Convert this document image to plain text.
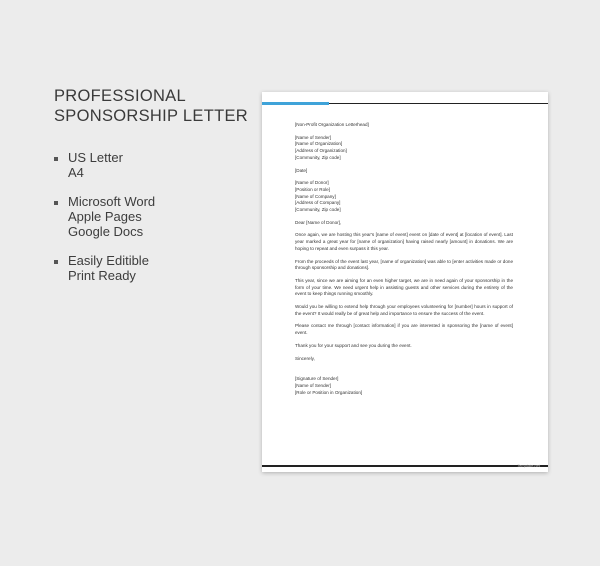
PROFESSIONAL
SPONSORSHIP LETTER
US Letter
A4
Microsoft Word
Apple Pages
Google Docs
Easily Editible
Print Ready
[Non-Profit Organization Letterhead]
[Name of Sender]
[Name of Organization]
[Address of Organization]
[Community, Zip code]
[Date]
[Name of Donor]
[Position or Role]
[Name of Company]
[Address of Company]
[Community, Zip code]
Dear [Name of Donor],
Once again, we are hosting this year's [name of event] event on [date of event] at [location of event]. Last year marked a great year for [name of organization] having raised nearly [amount] in donations. We are hoping to repeat and even surpass it this year.
From the proceeds of the event last year, [name of organization] was able to [enter activities made or done through sponsorship and donations].
This year, since we are aiming for an even higher target, we are in need again of your sponsorship in the form of your time. We need urgent help in assisting guests and other services during the entirety of the event to keep things running smoothly.
Would you be willing to extend help through your employees volunteering for [number] hours in support of the event? It would really be of great help and importance to ensure the success of the event.
Please contact me through [contact information] if you are interested in sponsoring the [name of event] event.
Thank you for your support and see you during the event.
Sincerely,
[Signature of Sender]
[Name of Sender]
[Role or Position in Organization]
Template.net
